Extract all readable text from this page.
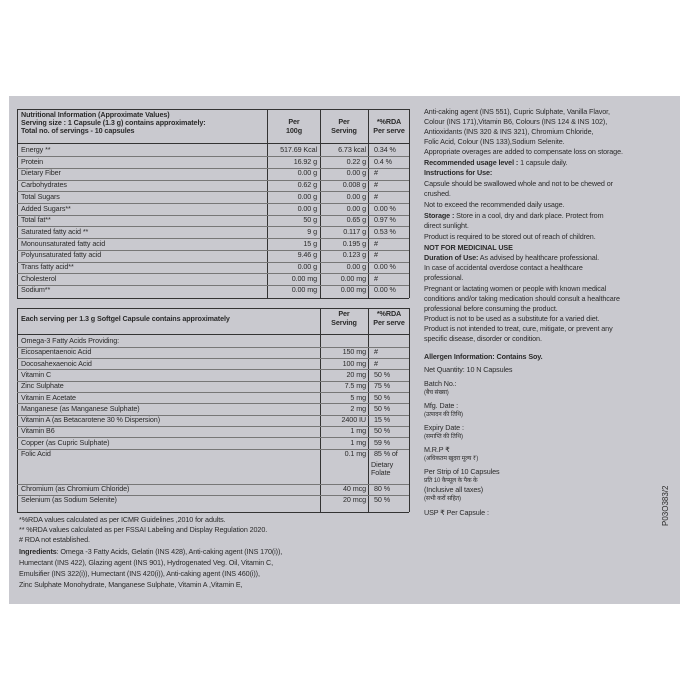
Nutritional Information (Approximate Values)
Serving size : 1 Capsule (1.3 g) contains approximately:
Total no. of servings - 10 capsules
Per
100g
Per
Serving
*%RDA
Per serve
Energy **	517.69 Kcal	6.73 kcal 0.34 %
Protein	16.92 g	0.22 g 0.4 %
Dietary Fiber	0.00 g	0.00 g #
Carbohydrates	0.62 g	0.008 g #
Total Sugars	0.00 g	0.00 g #
Added Sugars**	0.00 g	0.00 g 0.00 %
Total fat**	50 g	0.65 g 0.97 %
Saturated fatty acid **	9 g	0.117 g 0.53 %
Monounsaturated fatty acid	15 g	0.195 g #
Polyunsaturated fatty acid	9.46 g	0.123 g #
Trans fatty acid**	0.00 g	0.00 g 0.00 %
Cholesterol	0.00 mg	0.00 mg #
Sodium**	0.00 mg	0.00 mg 0.00 %
Each serving per 1.3 g Softgel Capsule contains approximately
Per
Serving
*%RDA
Per serve
Omega-3 Fatty Acids Providing:
Eicosapentaenoic Acid	150 mg #
Docosahexaenoic Acid	100 mg #
Vitamin C	20 mg 50 %
Zinc Sulphate	7.5 mg 75 %
Vitamin E Acetate	5 mg 50 %
Manganese (as Manganese Sulphate)	2 mg 50 %
Vitamin A (as Betacarotene 30 % Dispersion)	2400 IU 15 %
Vitamin B6	1 mg 50 %
Copper (as Cupric Sulphate)	1 mg 59 %
Folic Acid	0.1 mg 85 % of
Dietary
Folate
Chromium (as Chromium Chloride)	40 mcg 80 %
Selenium (as Sodium Selenite)	20 mcg 50 %
*%RDA values calculated as per ICMR Guidelines ,2010 for adults.
** %RDA values calculated as per FSSAI Labeling and Display Regulation 2020.
# RDA not established.
Ingredients: Omega -3 Fatty Acids, Gelatin (INS 428), Anti-caking agent (INS 170(i)),
Humectant (INS 422), Glazing agent (INS 901), Hydrogenated Veg. Oil, Vitamin C,
Emulsifier (INS 322(i)), Humectant (INS 420(i)), Anti-caking agent (INS 460(i)),
Zinc Sulphate Monohydrate, Manganese Sulphate, Vitamin A ,Vitamin E,
Anti-caking agent (INS 551), Cupric Sulphate, Vanilla Flavor,
Colour (INS 171),Vitamin B6, Colours (INS 124 & INS 102),
Antioxidants (INS 320 & INS 321), Chromium Chloride,
Folic Acid, Colour (INS 133),Sodium Selenite.
Appropriate overages are added to compensate loss on storage.
Recommended usage level : 1 capsule daily.
Instructions for Use:
Capsule should be swallowed whole and not to be chewed or
crushed.
Not to exceed the recommended daily usage.
Storage : Store in a cool, dry and dark place. Protect from
direct sunlight.
Product is required to be stored out of reach of children.
NOT FOR MEDICINAL USE
Duration of Use: As advised by healthcare professional.
In case of accidental overdose contact a healthcare
professional.
Pregnant or lactating women or people with known medical
conditions and/or taking medication should consult a healthcare
professional before consuming the product.
Product is not to be used as a substitute for a varied diet.
Product is not intended to treat, cure, mitigate, or prevent any
specific disease, disorder or condition.
Allergen Information: Contains Soy.
Net Quantity: 10 N Capsules
Batch No.:
(बैच संख्या)
Mfg. Date :
(उत्पादन की तिथि)
Expiry Date :
(समाप्ति की तिथि)
M.R.P ₹
(अधिकतम खुदरा मूल्य ₹)
Per Strip of 10 Capsules
प्रति 10 कैप्सूल के पैक के
(Inclusive all taxes)
(सभी करों सहित)
USP ₹ Per Capsule :	P03O383/2
